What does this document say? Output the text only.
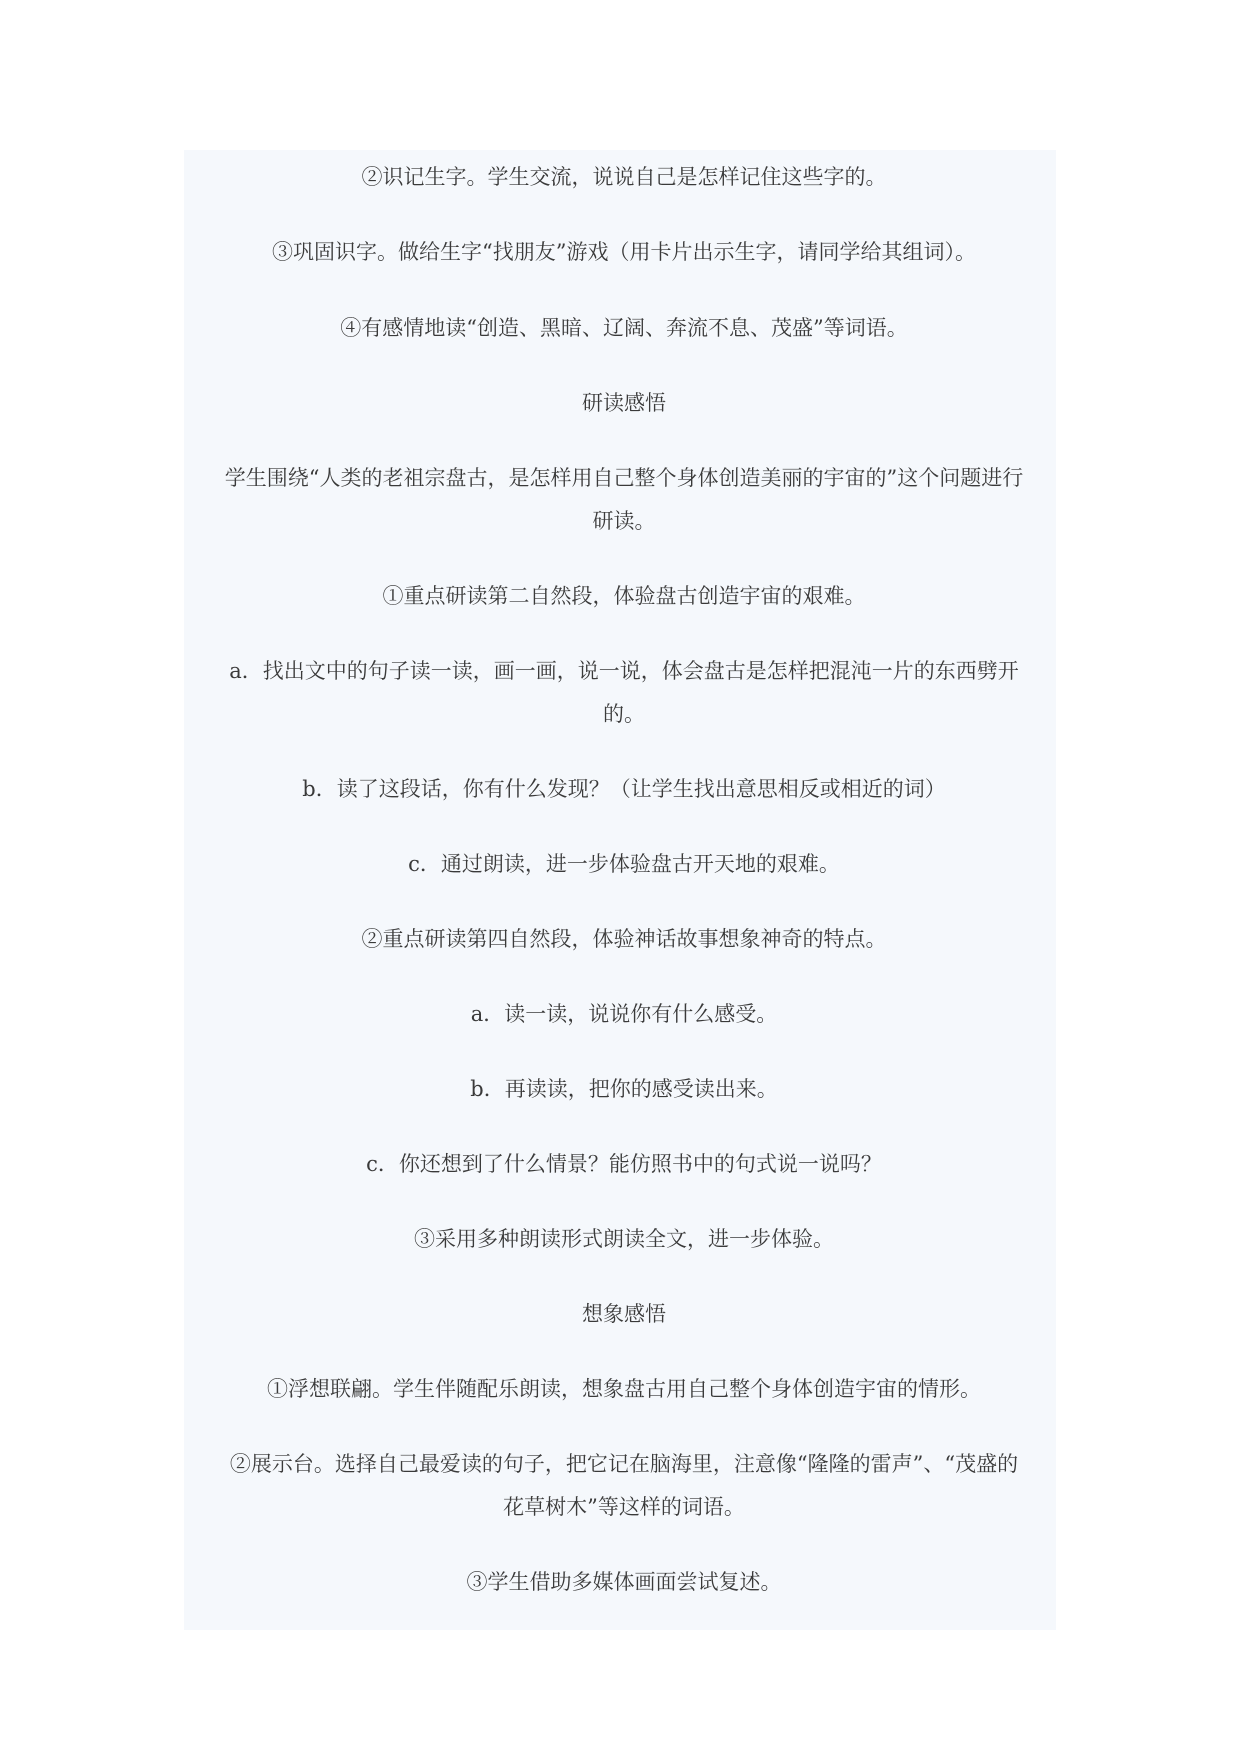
②识记生字。学生交流，说说自己是怎样记住这些字的。

③巩固识字。做给生字“找朋友”游戏（用卡片出示生字，请同学给其组词）。

④有感情地读“创造、黑暗、辽阔、奔流不息、茂盛”等词语。

研读感悟

学生围绕“人类的老祖宗盘古，是怎样用自己整个身体创造美丽的宇宙的”这个问题进行研读。

①重点研读第二自然段，体验盘古创造宇宙的艰难。

a．找出文中的句子读一读，画一画，说一说，体会盘古是怎样把混沌一片的东西劈开的。

b．读了这段话，你有什么发现？（让学生找出意思相反或相近的词）

c．通过朗读，进一步体验盘古开天地的艰难。

②重点研读第四自然段，体验神话故事想象神奇的特点。

a．读一读，说说你有什么感受。

b．再读读，把你的感受读出来。

c．你还想到了什么情景？能仿照书中的句式说一说吗？

③采用多种朗读形式朗读全文，进一步体验。

想象感悟

①浮想联翩。学生伴随配乐朗读，想象盘古用自己整个身体创造宇宙的情形。

②展示台。选择自己最爱读的句子，把它记在脑海里，注意像“隆隆的雷声”、“茂盛的花草树木”等这样的词语。

③学生借助多媒体画面尝试复述。
